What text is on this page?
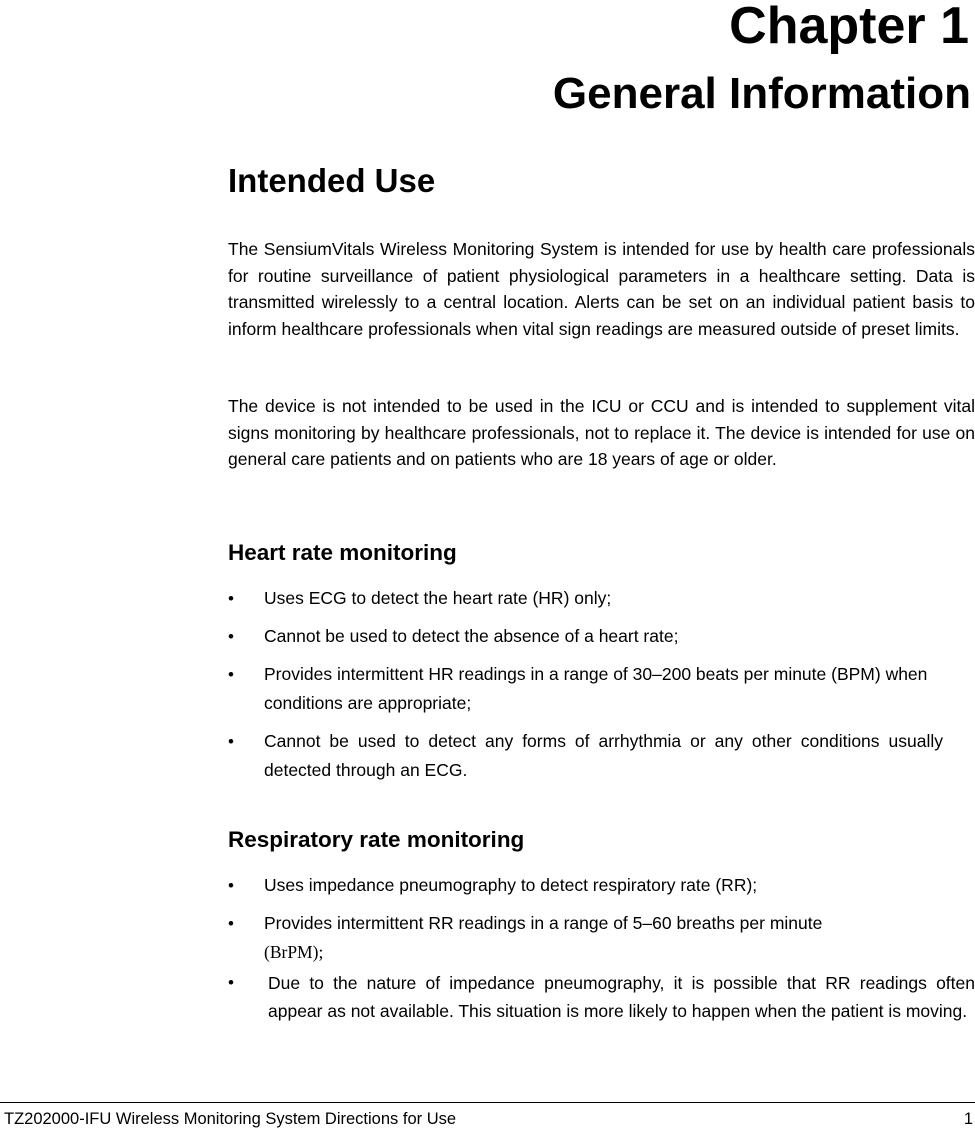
Chapter 1
General Information
Intended Use

The SensiumVitals Wireless Monitoring System is intended for use by health care professionals for routine surveillance of patient physiological parameters in a healthcare setting. Data is transmitted wirelessly to a central location. Alerts can be set on an individual patient basis to inform healthcare professionals when vital sign readings are measured outside of preset limits.

The device is not intended to be used in the ICU or CCU and is intended to supplement vital signs monitoring by healthcare professionals, not to replace it. The device is intended for use on general care patients and on patients who are 18 years of age or older.

Heart rate monitoring
• Uses ECG to detect the heart rate (HR) only;
• Cannot be used to detect the absence of a heart rate;
• Provides intermittent HR readings in a range of 30–200 beats per minute (BPM) when conditions are appropriate;
• Cannot be used to detect any forms of arrhythmia or any other conditions usually detected through an ECG.
Respiratory rate monitoring
• Uses impedance pneumography to detect respiratory rate (RR);
• Provides intermittent RR readings in a range of 5–60 breaths per minute
(BrPM);
• Due to the nature of impedance pneumography, it is possible that RR readings often appear as not available. This situation is more likely to happen when the patient is moving.

TZ202000-IFU Wireless Monitoring System Directions for Use	1
